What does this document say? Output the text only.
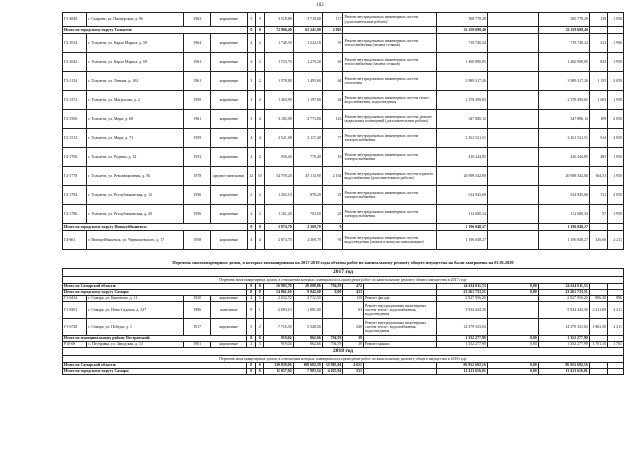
102
Г1-4849	г. Сызрань, ул. Пионерская, д. 96	1962	кирпичные	5	3	3 518,80	3 710,00	117	Ремонт внутридомовых инженерных систем (дополнительные работы)	500 778,29		500 778,29	139	1 950
Итого по городскому округу Тольятти:				0	0	72 806,40	65 241,80	2 863		32 259 698,40		32 259 698,40		
Г2-1034	г. Тольятти, ул. Карла Маркса, д. 58	1964	кирпичные	4	2	1 740,39	1 222,18	55	Ремонт внутридомовых инженерных систем теплоснабжения (замена стояков)	718 740,24		718 740,24	413	1 990
Г2-1042	г. Тольятти, ул. Карла Маркса, д. 69	1961	кирпичные	4	2	1 753,70	1 279,20	63	Ремонт внутридомовых инженерных систем теплоснабжения (замена стояков)	1 460 990,85		1 460 990,85	843	1 950
Г2-1134	г. Тольятти, ул. Ленина, д. 104	1961	кирпичные	3	2	1 578,80	1 495,60	64	Ремонт внутридомовых инженерных систем отопления	3 989 317,26		3 989 317,26	1 155	2 059
Г2-1372	г. Тольятти, ул. Матросова, д. 2	1959	кирпичные	3	2	1 463,90	1 197,80	44	Ремонт внутридомовых инженерных систем тепло-, водоснабжения, водоотведения	2 378 499,65		2 378 499,65	1 603	1 950
Г2-1500	г. Тольятти, ул. Мира, д. 68	1961	кирпичные	3	4	3 182,00	2 773,80	123	Ремонт внутридомовых инженерных систем, ремонт подвальных помещений (дополнительные работы)	347 880,12		347 880,12	109	2 050
Г2-1513	г. Тольятти, ул. Мира, д. 73	1959	кирпичные	4	4	2 521,68	2 117,40	77	Ремонт внутридомовых инженерных систем электроснабжения	2 161 521,51		2 161 521,51	614	2 059
Г2-1706	г. Тольятти, ул. Родины, д. 32	1953	кирпичные	2	2	830,40	770,40	18	Ремонт внутридомовых инженерных систем электроснабжения	416 244,85		416 244,85	485	1 950
Г2-1778	г. Тольятти, ул. Революционная, д. 56	1978	крупно-панельные	12	10	54 759,20	45 113,90	2 164	Ремонт внутридомовых инженерных систем горячего водоснабжения (дополнительные работы)	20 698 342,00		20 698 342,00	364,53	1 950
Г2-1784	г. Тольятти, ул. Республиканская, д. 12	1956	кирпичные	2	2	1 202,10	878,20	21	Ремонт внутридомовых инженерных систем электроснабжения	614 945,68		614 945,68	511	2 059
Г2-1786	г. Тольятти, ул. Республиканская, д. 20	1956	кирпичные	2	2	1 161,20	703,50	23	Ремонт внутридомовых инженерных систем электроснабжения	112 680,34		112 680,34	97	1 950
Итого по городскому округу Новокуйбышевск:				0	0	2 874,70	2 369,70	0		1 196 048,27		1 196 048,27		
Г4-661	г. Новокуйбышевск, ул. Чернышевского, д. 17	1958	кирпичные	4	4	2 874,70	2 369,70	91	Ремонт внутридомовых инженерных систем водоотведения (замена и выпуски канализации)	1 196 048,27		1 196 048,27	416,06	2 211
Перечень многоквартирных домов, в которых запланированы на 2017-2019 годы объемы работ по капитальному ремонту общего имущества но были завершены на 01.01.2020
2017 год															
Перечень многоквартирных домов, в отношении которых планировалось проведение работ по капитальному ремонту общего имущества в 2017 году															
Итого по Самарской области:				0	0	16 903,70	20 008,86	794,59	472		24 614 011,53	0,00	24 614 011,53		
Итого по городскому округу Самара:				0	0	14 862,10	9 942,40	0,00	433		23 261 733,51	0,00	23 261 733,51		
Г1-6434	г. Самара, ул. Кашенова, д. 11	1920	кирпичные	4	5	2 652,70	2 712,50		130	Ремонт фасада	2 927 956,20		2 927 956,20	806,40	886
Г1-6301	г. Самара, ул. Ново-Садовая, д. 337	1986	панельные	9	1	2 693,10	1 881,60		63	Ремонт внутридомовых инженерных систем тепло-, водоснабжения, водоотведения	5 934 444,30		5 934 444,30	2 211,80	2 211
Г1-6728	г. Самара, ул. Победы, д. 1	1917	кирпичные	5	2	7 716,30	5 348,30		240	Ремонт внутридомовых инженерных систем тепло-, водоснабжения, водоотведения	14 379 333,04		14 379 333,04	1 863,30	2 211
Итого по муниципальному району Пестравский:				0	0	919,04	862,66	794,59	39		1 352 277,99	0,00	1 352 277,99		
Р10-69	с. Пестравка, ул. Заводская, д. 13	1961	кирпичные	2	3	919,04	862,66	794,59	39	Ремонт крыши	1 352 277,99	0,00	1 352 277,99	1 701,10	1 701
2018 год															
Перечень многоквартирных домов, в отношении которых планировалось проведение работ по капитальному ремонту общего имущества в 2018 году															
Итого по Самарской области:				0	0	130 859,96	108 682,39	35 985,04	4 651		86 952 692,16	0,00	86 952 692,16		
Итого по городскому округу Самара:				0	0	11 637,04	7 983,54	4 025,94	531		13 413 616,01	0,00	13 413 616,01		
